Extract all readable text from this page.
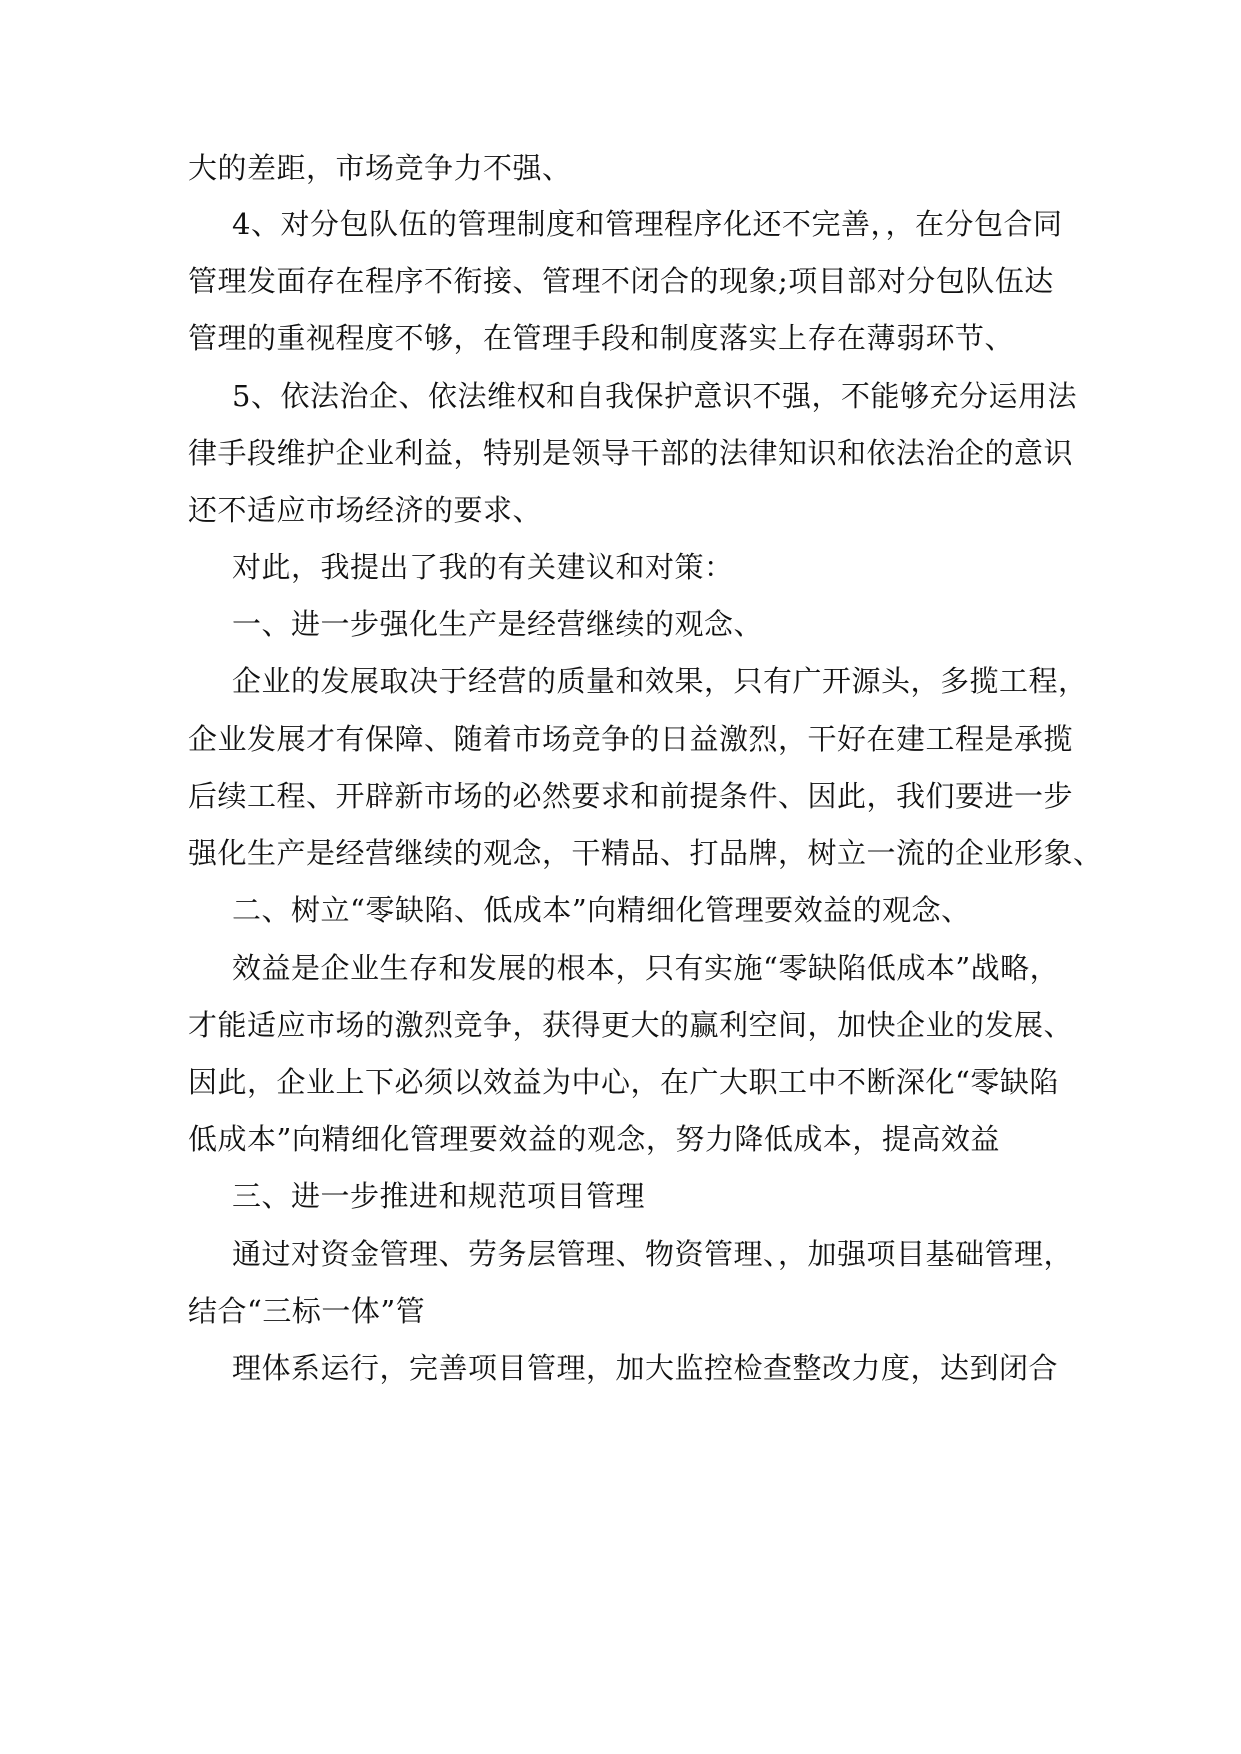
大的差距，市场竞争力不强、
4、对分包队伍的管理制度和管理程序化还不完善，，在分包合同
管理发面存在程序不衔接、管理不闭合的现象;项目部对分包队伍达
管理的重视程度不够，在管理手段和制度落实上存在薄弱环节、
5、依法治企、依法维权和自我保护意识不强，不能够充分运用法
律手段维护企业利益，特别是领导干部的法律知识和依法治企的意识
还不适应市场经济的要求、
对此，我提出了我的有关建议和对策：
一、进一步强化生产是经营继续的观念、
企业的发展取决于经营的质量和效果，只有广开源头，多揽工程，
企业发展才有保障、随着市场竞争的日益激烈，干好在建工程是承揽
后续工程、开辟新市场的必然要求和前提条件、因此，我们要进一步
强化生产是经营继续的观念，干精品、打品牌，树立一流的企业形象、
二、树立“零缺陷、低成本”向精细化管理要效益的观念、
效益是企业生存和发展的根本，只有实施“零缺陷低成本”战略，
才能适应市场的激烈竞争，获得更大的赢利空间，加快企业的发展、
因此，企业上下必须以效益为中心，在广大职工中不断深化“零缺陷
低成本”向精细化管理要效益的观念，努力降低成本，提高效益
三、进一步推进和规范项目管理
通过对资金管理、劳务层管理、物资管理、，加强项目基础管理，
结合“三标一体”管
理体系运行，完善项目管理，加大监控检查整改力度，达到闭合
